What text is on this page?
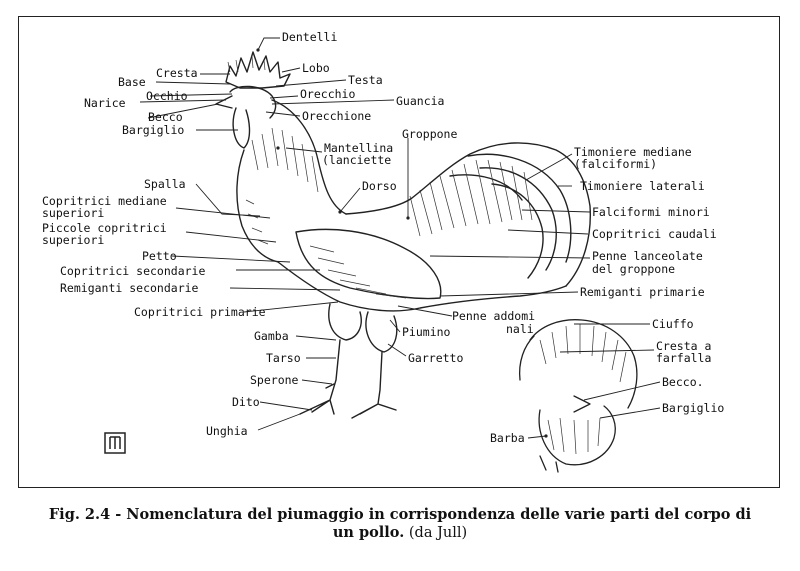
Dentelli
Cresta	Lobo
Base	Testa
Occhio	Orecchio
Narice	Guancia
Becco	Orecchione
Bargiglio	Groppone
Mantellina
(lanciette
Spalla	Dorso
Copritrici mediane
superiori
Piccole copritrici
superiori
Petto
Copritrici secondarie
Remiganti secondarie
Copritrici primarie
Gamba
Tarso
Sperone
Dito
Unghia
Timoniere mediane
(falciformi)
Timoniere laterali
Falciformi minori
Copritrici caudali
Penne lanceolate
del groppone
Remiganti primarie
Penne addomi
nali
Piumino
Garretto
Ciuffo
Cresta a
farfalla
Becco.
Bargiglio
Barba
Fig. 2.4 - Nomenclatura del piumaggio in corrispondenza delle varie parti del corpo di
un pollo. (da Jull)
